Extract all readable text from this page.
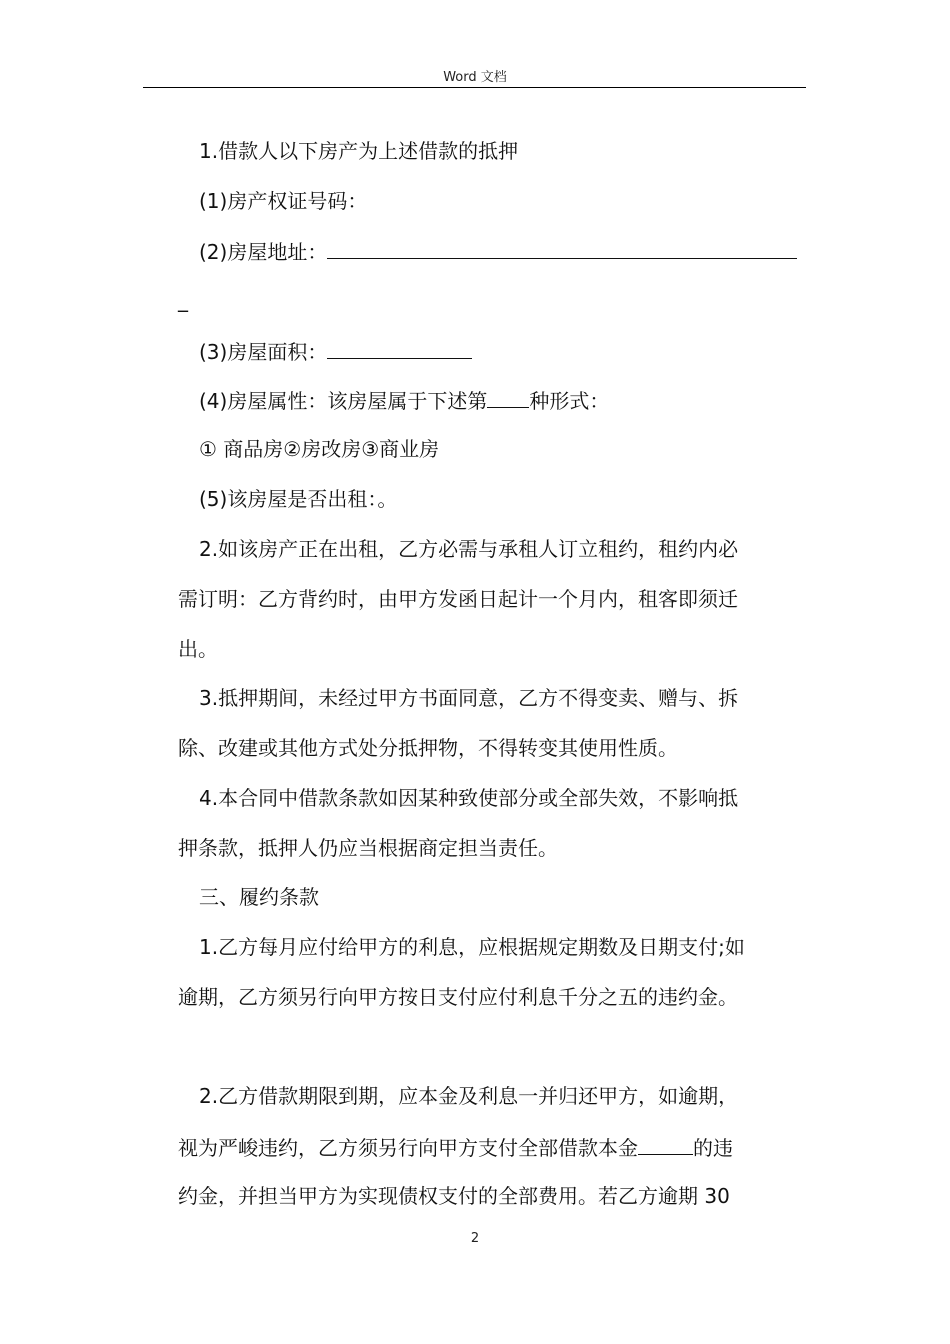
Word 文档
1.借款人以下房产为上述借款的抵押
(1)房产权证号码：
(2)房屋地址：
_
(3)房屋面积：
(4)房屋属性：该房屋属于下述第 种形式：
① 商品房②房改房③商业房
(5)该房屋是否出租：。
2.如该房产正在出租，乙方必需与承租人订立租约，租约内必
需订明：乙方背约时，由甲方发函日起计一个月内，租客即须迁
出。
3.抵押期间，未经过甲方书面同意，乙方不得变卖、赠与、拆
除、改建或其他方式处分抵押物，不得转变其使用性质。
4.本合同中借款条款如因某种致使部分或全部失效，不影响抵
押条款，抵押人仍应当根据商定担当责任。
三、履约条款
1.乙方每月应付给甲方的利息，应根据规定期数及日期支付;如
逾期，乙方须另行向甲方按日支付应付利息千分之五的违约金。
2.乙方借款期限到期，应本金及利息一并归还甲方，如逾期，
视为严峻违约，乙方须另行向甲方支付全部借款本金	的违
约金，并担当甲方为实现债权支付的全部费用。若乙方逾期 30
2
